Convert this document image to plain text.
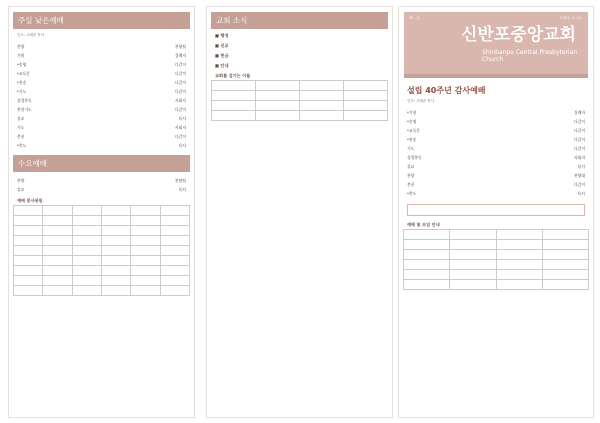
주일 낮은예배
인도: 고태준 목사
찬양	찬양팀
기원	집례자
*송영	다같이
*교독문	다같이
*찬송	다같이
*기도	다같이
성경봉독	사회자
봉헌기도	다같이
설교	목사
기도	사회자
봉헌	다같이
*축도	목사
수요예배
찬양	찬양팀
설교	목사
예배 봉사위원

교회 소식
■ 행정
■ 선교
■ 헌금
■ 안내
교회를 섬기는 이들

제 ..호	2021. 2. 21.
신반포중앙교회
Shinbanpo Central Presbyterian Church
설립 40주년 감사예배
인도: 고태준 목사
*기원	집례자
*송영	다같이
*교독문	다같이
*찬송	다같이
기도	다같이
성경봉독	사회자
설교	목사
찬양	찬양대
봉헌	다같이
*축도	목사
예배 및 모임 안내
